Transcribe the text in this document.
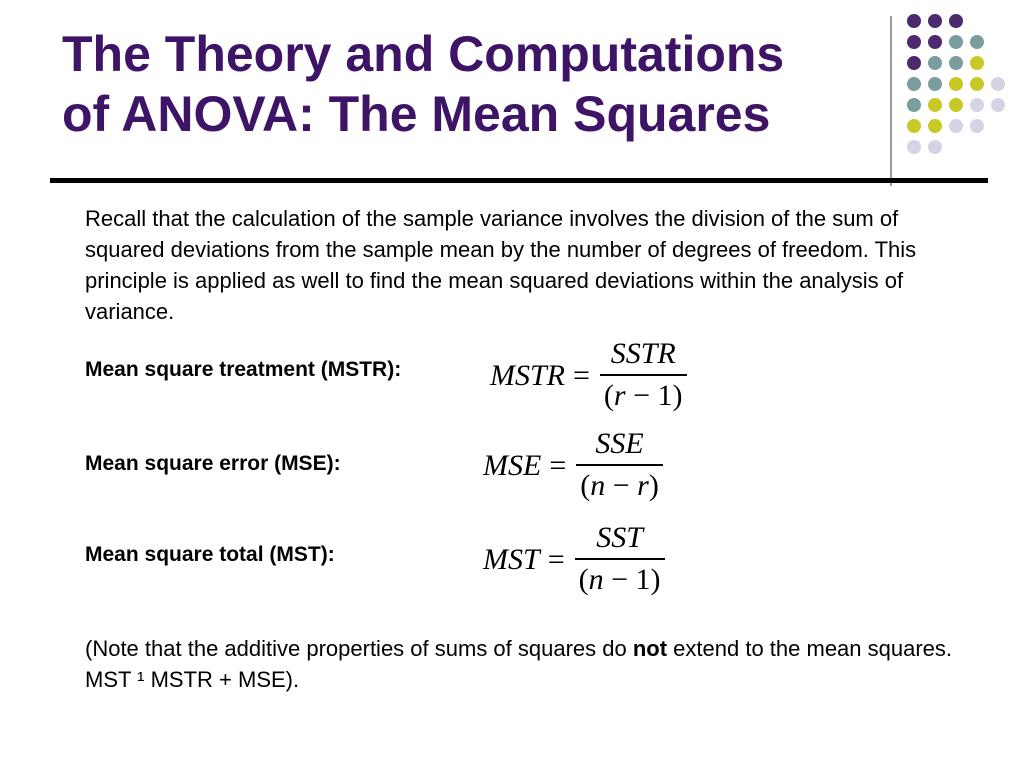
The Theory and Computations
of ANOVA: The Mean Squares

Recall that the calculation of the sample variance involves the division of the sum of squared deviations from the sample mean by the number of degrees of freedom. This principle is applied as well to find the mean squared deviations within the analysis of variance.

Mean square treatment (MSTR):	MSTR = $\frac{\text{SSTR}}{(r - 1)}$

Mean square error (MSE):	MSE = $\frac{\text{SSE}}{(n - r)}$

Mean square total (MST):	MST = $\frac{\text{SST}}{(n - 1)}$

(Note that the additive properties of sums of squares do not extend to the mean squares. MST ¹ MSTR + MSE).
